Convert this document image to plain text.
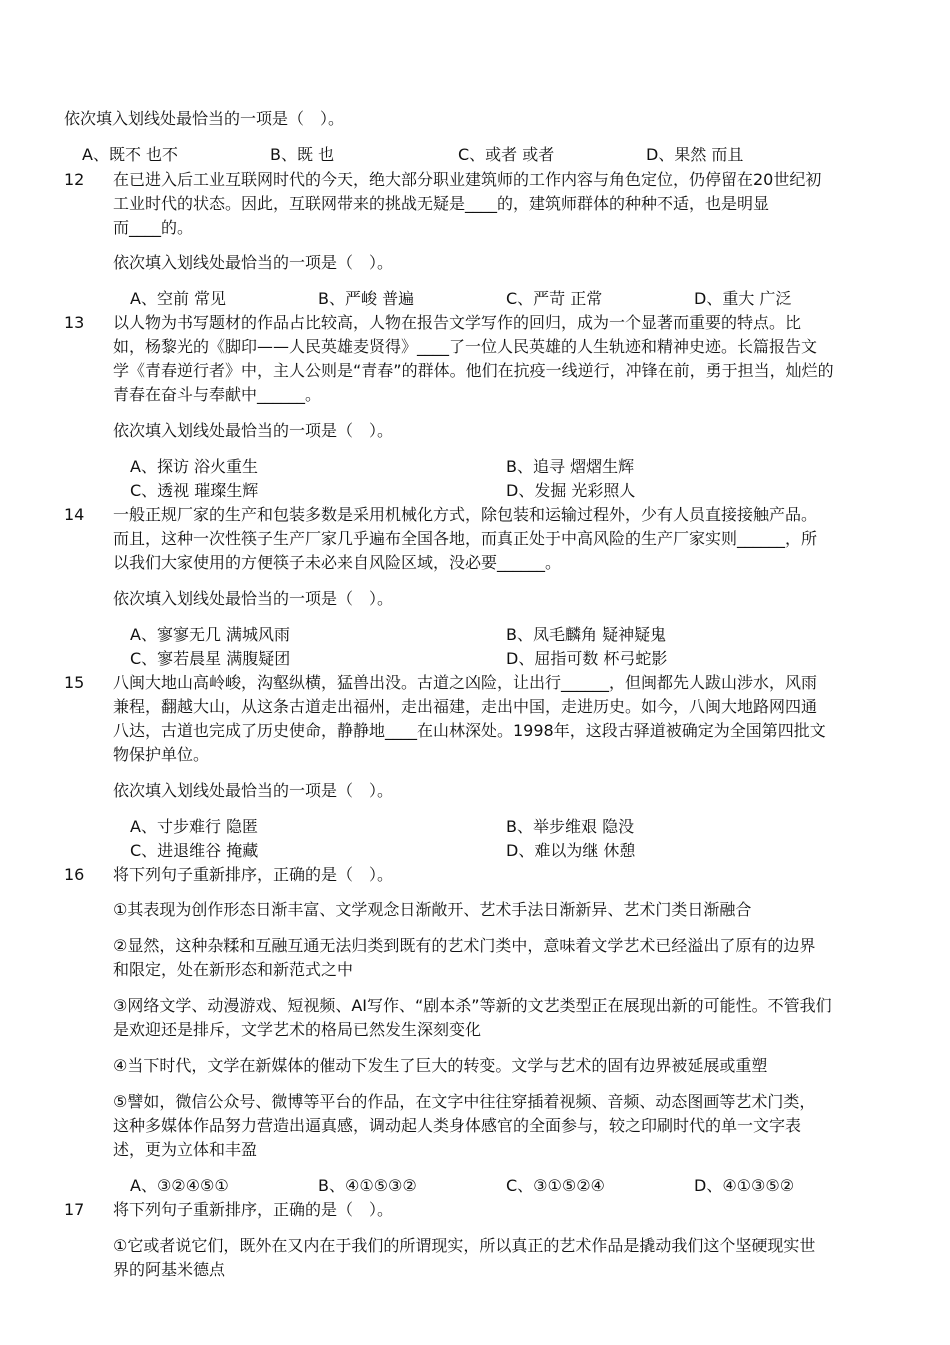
依次填入划线处最恰当的一项是（　）。
A、既不 也不	B、既 也	C、或者 或者	D、果然 而且
12 在已进入后工业互联网时代的今天，绝大部分职业建筑师的工作内容与角色定位，仍停留在20世纪初
工业时代的状态。因此，互联网带来的挑战无疑是____的，建筑师群体的种种不适，也是明显
而____的。
依次填入划线处最恰当的一项是（　）。
A、空前 常见	B、严峻 普遍	C、严苛 正常	D、重大 广泛
13 以人物为书写题材的作品占比较高，人物在报告文学写作的回归，成为一个显著而重要的特点。比
如，杨黎光的《脚印——人民英雄麦贤得》____了一位人民英雄的人生轨迹和精神史迹。长篇报告文
学《青春逆行者》中，主人公则是“青春”的群体。他们在抗疫一线逆行，冲锋在前，勇于担当，灿烂的
青春在奋斗与奉献中______。
依次填入划线处最恰当的一项是（　）。
A、探访 浴火重生	B、追寻 熠熠生辉
C、透视 璀璨生辉	D、发掘 光彩照人
14 一般正规厂家的生产和包装多数是采用机械化方式，除包装和运输过程外，少有人员直接接触产品。
而且，这种一次性筷子生产厂家几乎遍布全国各地，而真正处于中高风险的生产厂家实则______，所
以我们大家使用的方便筷子未必来自风险区域，没必要______。
依次填入划线处最恰当的一项是（　）。
A、寥寥无几 满城风雨	B、凤毛麟角 疑神疑鬼
C、寥若晨星 满腹疑团	D、屈指可数 杯弓蛇影
15 八闽大地山高岭峻，沟壑纵横，猛兽出没。古道之凶险，让出行______，但闽都先人跋山涉水，风雨
兼程，翻越大山，从这条古道走出福州，走出福建，走出中国，走进历史。如今，八闽大地路网四通
八达，古道也完成了历史使命，静静地____在山林深处。1998年，这段古驿道被确定为全国第四批文
物保护单位。
依次填入划线处最恰当的一项是（　）。
A、寸步难行 隐匿	B、举步维艰 隐没
C、进退维谷 掩藏	D、难以为继 休憩
16 将下列句子重新排序，正确的是（　）。
①其表现为创作形态日渐丰富、文学观念日渐敞开、艺术手法日渐新异、艺术门类日渐融合
②显然，这种杂糅和互融互通无法归类到既有的艺术门类中，意味着文学艺术已经溢出了原有的边界
和限定，处在新形态和新范式之中
③网络文学、动漫游戏、短视频、AI写作、“剧本杀”等新的文艺类型正在展现出新的可能性。不管我们
是欢迎还是排斥，文学艺术的格局已然发生深刻变化
④当下时代，文学在新媒体的催动下发生了巨大的转变。文学与艺术的固有边界被延展或重塑
⑤譬如，微信公众号、微博等平台的作品，在文字中往往穿插着视频、音频、动态图画等艺术门类，
这种多媒体作品努力营造出逼真感，调动起人类身体感官的全面参与，较之印刷时代的单一文字表
述，更为立体和丰盈
A、③②④⑤①	B、④①⑤③②	C、③①⑤②④	D、④①③⑤②
17 将下列句子重新排序，正确的是（　）。
①它或者说它们，既外在又内在于我们的所谓现实，所以真正的艺术作品是撬动我们这个坚硬现实世
界的阿基米德点
